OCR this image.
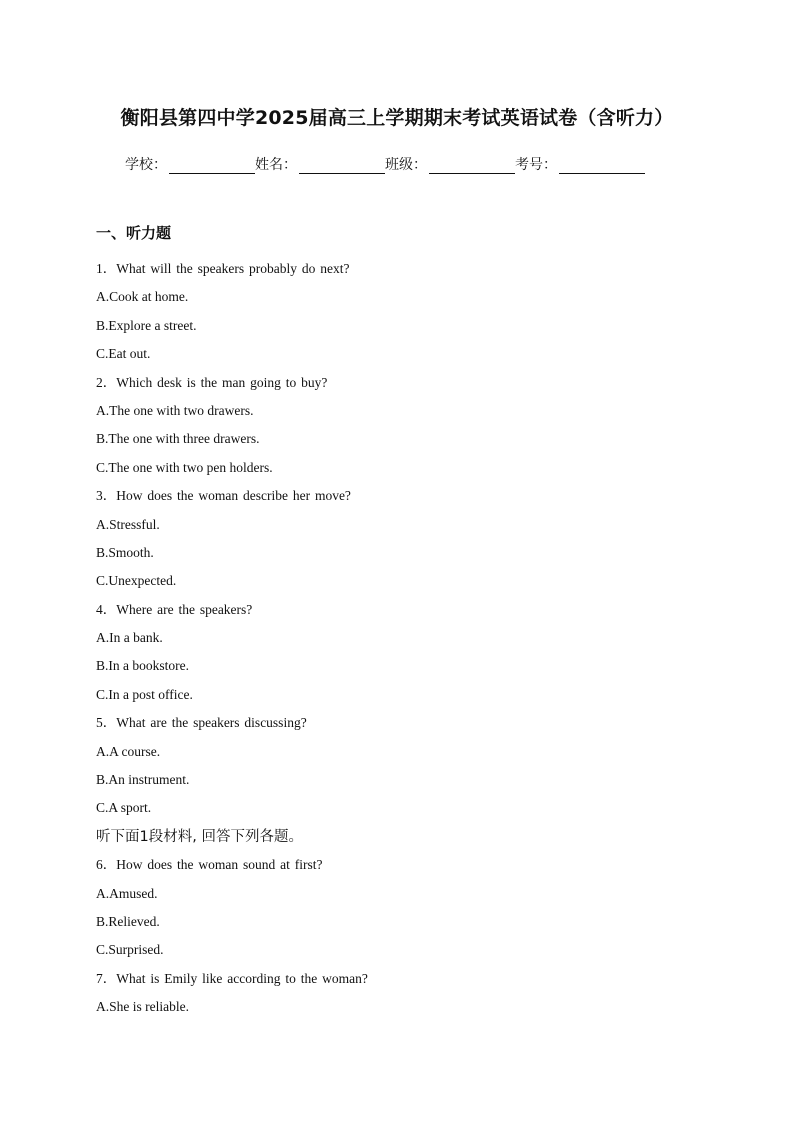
衡阳县第四中学2025届高三上学期期末考试英语试卷（含听力）
学校：	姓名：	班级：	考号：
一、听力题
1．What will the speakers probably do next?
A.Cook at home.
B.Explore a street.
C.Eat out.
2．Which desk is the man going to buy?
A.The one with two drawers.
B.The one with three drawers.
C.The one with two pen holders.
3．How does the woman describe her move?
A.Stressful.
B.Smooth.
C.Unexpected.
4．Where are the speakers?
A.In a bank.
B.In a bookstore.
C.In a post office.
5．What are the speakers discussing?
A.A course.
B.An instrument.
C.A sport.
听下面1段材料, 回答下列各题。
6．How does the woman sound at first?
A.Amused.
B.Relieved.
C.Surprised.
7．What is Emily like according to the woman?
A.She is reliable.
